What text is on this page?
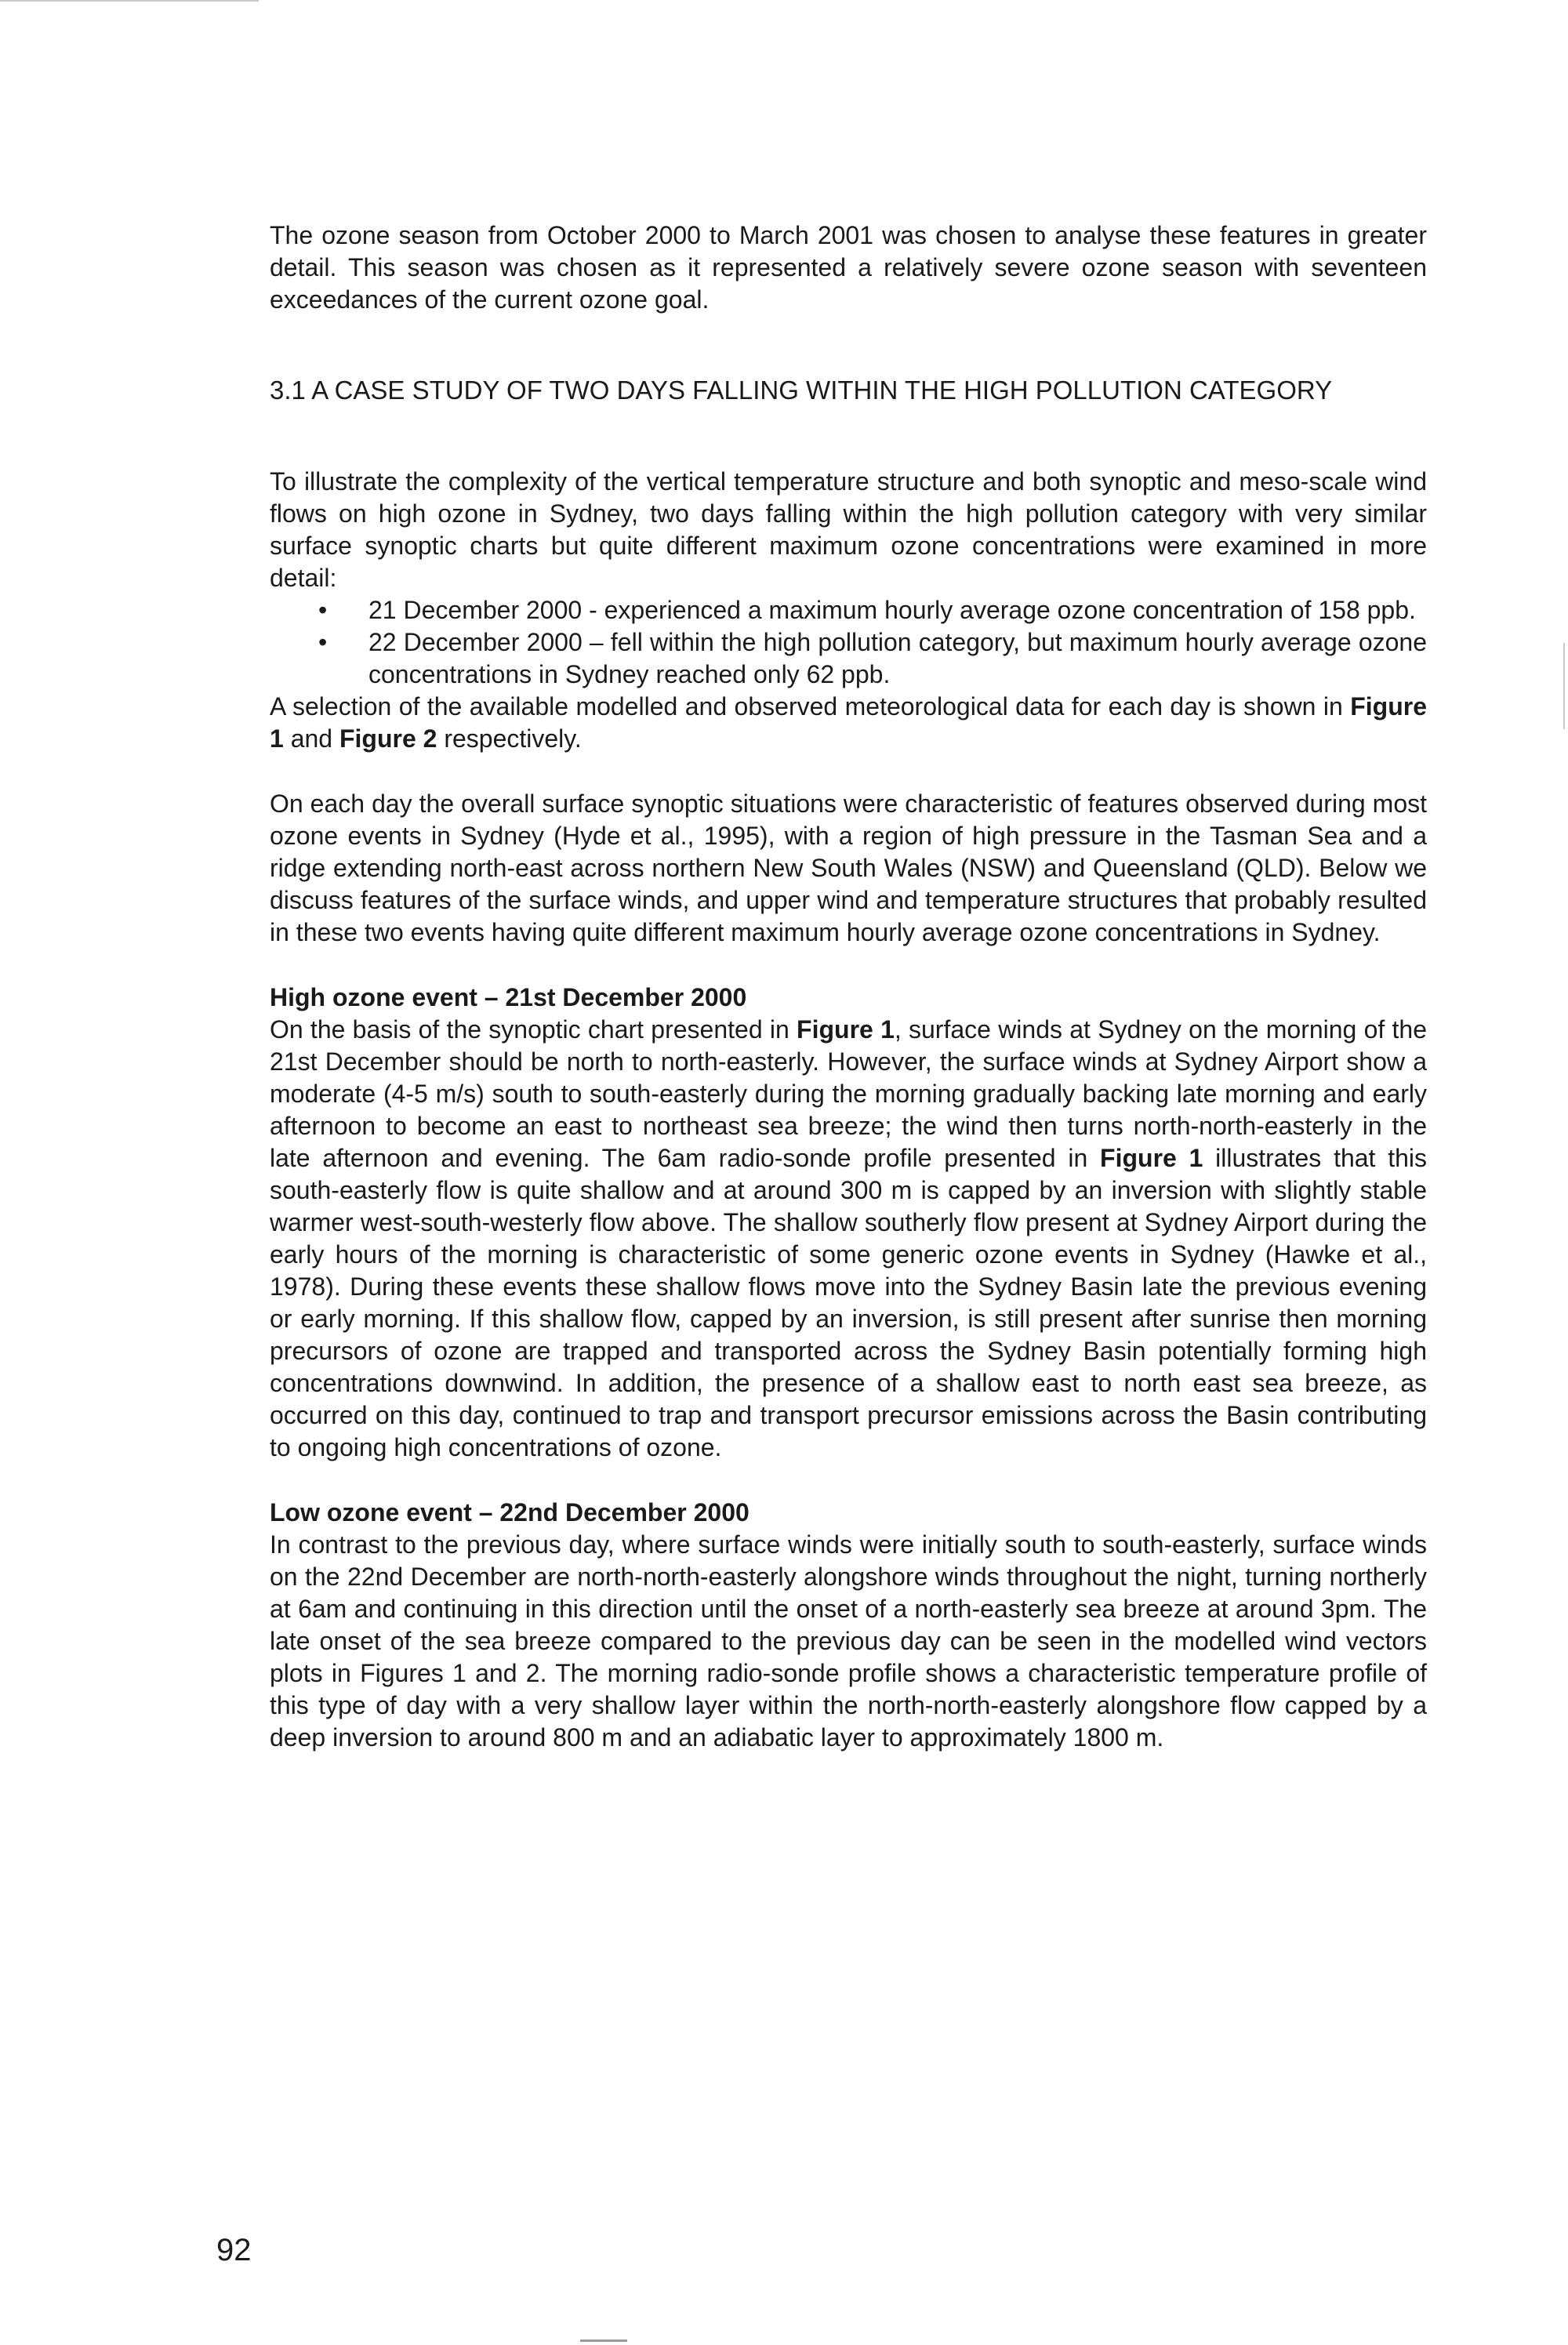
The ozone season from October 2000 to March 2001 was chosen to analyse these features in greater detail. This season was chosen as it represented a relatively severe ozone season with seventeen exceedances of the current ozone goal.

3.1 A CASE STUDY OF TWO DAYS FALLING WITHIN THE HIGH POLLUTION CATEGORY

To illustrate the complexity of the vertical temperature structure and both synoptic and meso-scale wind flows on high ozone in Sydney, two days falling within the high pollution category with very similar surface synoptic charts but quite different maximum ozone concentrations were examined in more detail:

• 21 December 2000 - experienced a maximum hourly average ozone concentration of 158 ppb.
• 22 December 2000 – fell within the high pollution category, but maximum hourly average ozone concentrations in Sydney reached only 62 ppb.

A selection of the available modelled and observed meteorological data for each day is shown in Figure 1 and Figure 2 respectively.

On each day the overall surface synoptic situations were characteristic of features observed during most ozone events in Sydney (Hyde et al., 1995), with a region of high pressure in the Tasman Sea and a ridge extending north-east across northern New South Wales (NSW) and Queensland (QLD). Below we discuss features of the surface winds, and upper wind and temperature structures that probably resulted in these two events having quite different maximum hourly average ozone concentrations in Sydney.

High ozone event – 21st December 2000

On the basis of the synoptic chart presented in Figure 1, surface winds at Sydney on the morning of the 21st December should be north to north-easterly. However, the surface winds at Sydney Airport show a moderate (4-5 m/s) south to south-easterly during the morning gradually backing late morning and early afternoon to become an east to northeast sea breeze; the wind then turns north-north-easterly in the late afternoon and evening. The 6am radio-sonde profile presented in Figure 1 illustrates that this south-easterly flow is quite shallow and at around 300 m is capped by an inversion with slightly stable warmer west-south-westerly flow above. The shallow southerly flow present at Sydney Airport during the early hours of the morning is characteristic of some generic ozone events in Sydney (Hawke et al., 1978). During these events these shallow flows move into the Sydney Basin late the previous evening or early morning. If this shallow flow, capped by an inversion, is still present after sunrise then morning precursors of ozone are trapped and transported across the Sydney Basin potentially forming high concentrations downwind. In addition, the presence of a shallow east to north east sea breeze, as occurred on this day, continued to trap and transport precursor emissions across the Basin contributing to ongoing high concentrations of ozone.

Low ozone event – 22nd December 2000

In contrast to the previous day, where surface winds were initially south to south-easterly, surface winds on the 22nd December are north-north-easterly alongshore winds throughout the night, turning northerly at 6am and continuing in this direction until the onset of a north-easterly sea breeze at around 3pm. The late onset of the sea breeze compared to the previous day can be seen in the modelled wind vectors plots in Figures 1 and 2. The morning radio-sonde profile shows a characteristic temperature profile of this type of day with a very shallow layer within the north-north-easterly alongshore flow capped by a deep inversion to around 800 m and an adiabatic layer to approximately 1800 m.

92
